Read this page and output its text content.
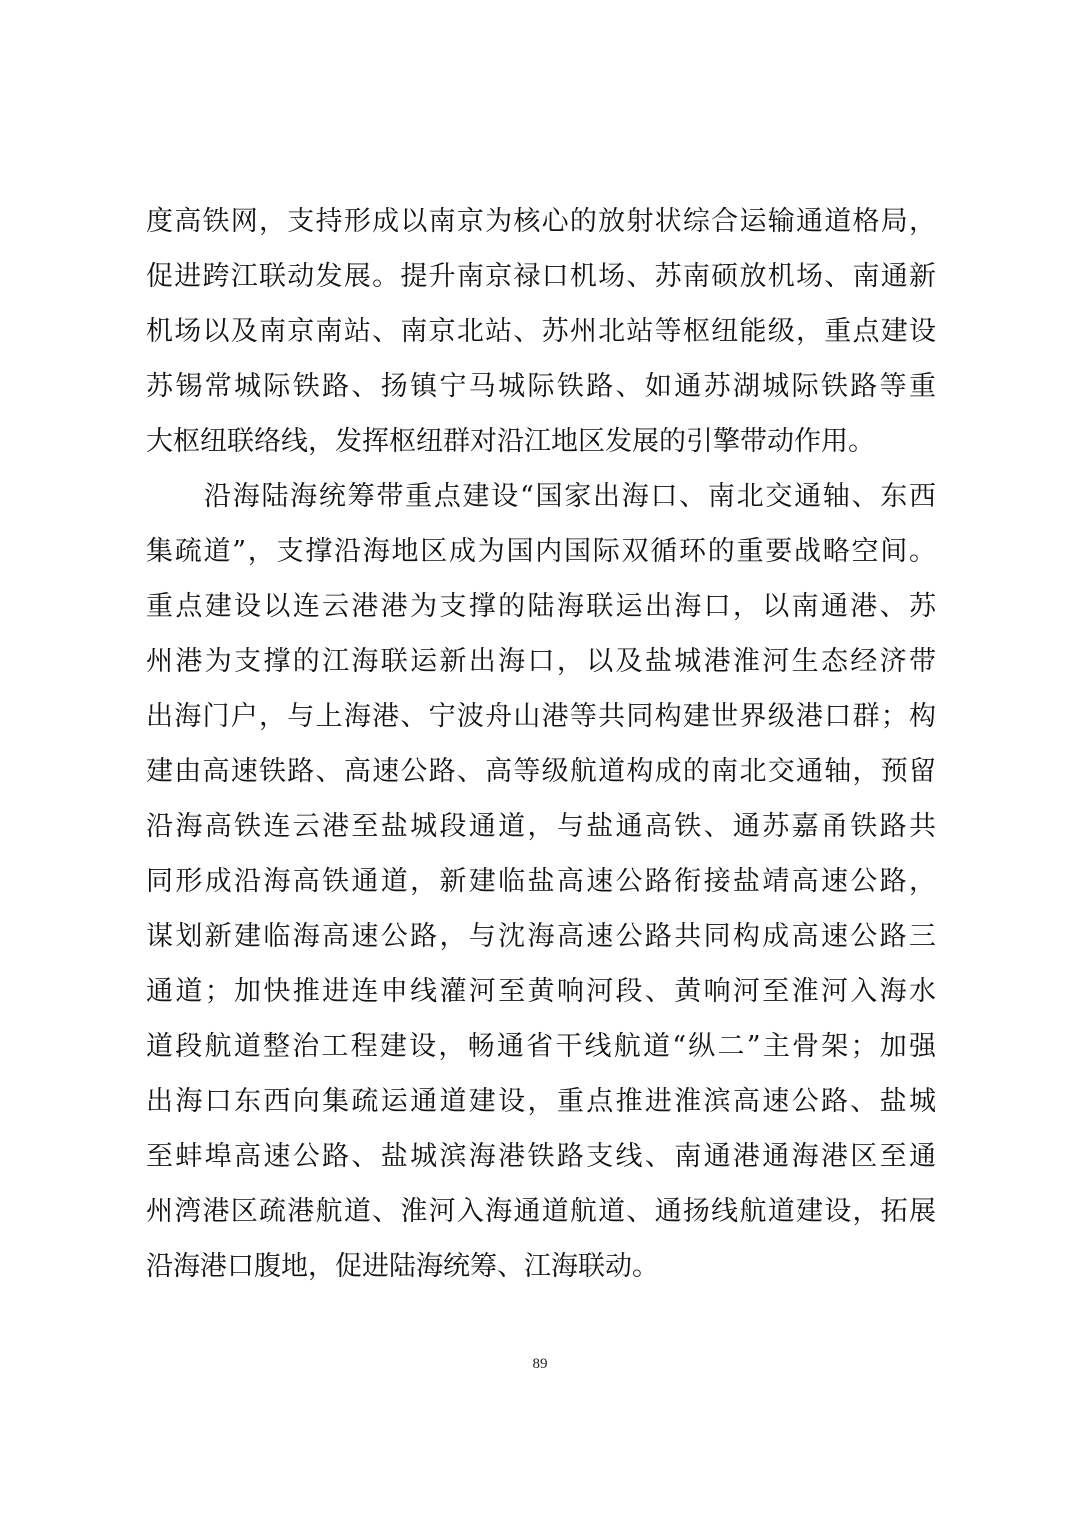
度高铁网，支持形成以南京为核心的放射状综合运输通道格局，
促进跨江联动发展。提升南京禄口机场、苏南硕放机场、南通新
机场以及南京南站、南京北站、苏州北站等枢纽能级，重点建设
苏锡常城际铁路、扬镇宁马城际铁路、如通苏湖城际铁路等重
大枢纽联络线，发挥枢纽群对沿江地区发展的引擎带动作用。
沿海陆海统筹带重点建设“国家出海口、南北交通轴、东西
集疏道”，支撑沿海地区成为国内国际双循环的重要战略空间。
重点建设以连云港港为支撑的陆海联运出海口，以南通港、苏
州港为支撑的江海联运新出海口，以及盐城港淮河生态经济带
出海门户，与上海港、宁波舟山港等共同构建世界级港口群；构
建由高速铁路、高速公路、高等级航道构成的南北交通轴，预留
沿海高铁连云港至盐城段通道，与盐通高铁、通苏嘉甬铁路共
同形成沿海高铁通道，新建临盐高速公路衔接盐靖高速公路，
谋划新建临海高速公路，与沈海高速公路共同构成高速公路三
通道；加快推进连申线灌河至黄响河段、黄响河至淮河入海水
道段航道整治工程建设，畅通省干线航道“纵二”主骨架；加强
出海口东西向集疏运通道建设，重点推进淮滨高速公路、盐城
至蚌埠高速公路、盐城滨海港铁路支线、南通港通海港区至通
州湾港区疏港航道、淮河入海通道航道、通扬线航道建设，拓展
沿海港口腹地，促进陆海统筹、江海联动。
89
